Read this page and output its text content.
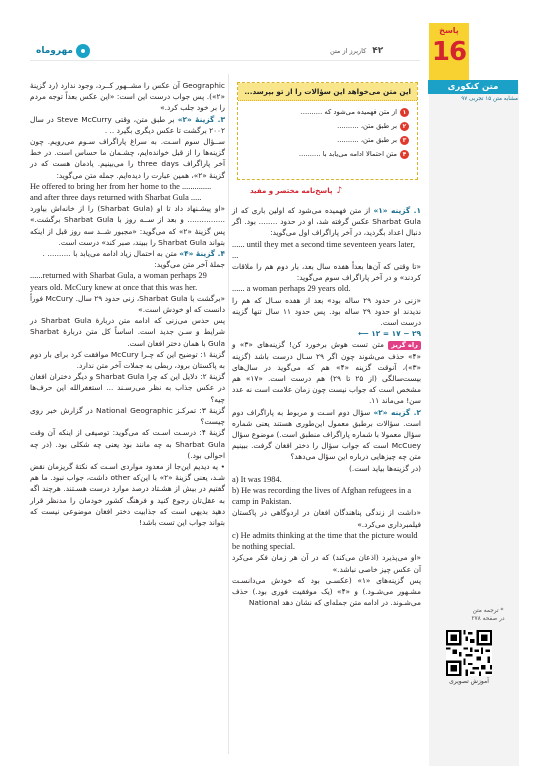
مهروماه	۴۲
کاربرز از متن
پاسخ
16
متن کنکوری
مشابه متن ۱۵ تجربی ۹۷
این متن می‌خواهد این سؤالات را از تو بپرسد...
۱
از متن فهمیده می‌شود که ..........
۲
بر طبق متن، ..........
۳
بر طبق متن، ..........
۴
متن احتمالا ادامه می‌یابد با ..........
♪
پاسخ‌نامه مختصر و مفید
۱. گزینه «۱» از متن فهمیده می‌شود که اولین باری که از Sharbat Gula عکس گرفته شد، او در حدود ........ بود. اگر دنبال اعداد بگردید، در آخر پاراگراف اول می‌گوید:
...... until they met a second time seventeen years later, ...
«تا وقتی که آن‌ها بعداً هفده سال بعد، بار دوم هم را ملاقات کردند» و در آخر پاراگراف سوم می‌گوید:
...... a woman perhaps 29 years old.
«زنی در حدود ۲۹ ساله بود» بعد از هفده سـال که هم را ندیدند او حدود ۲۹ ساله بود. پس حدود ۱۱ سال تنها گزینه درست است.
۲۹ − ۱۷ = ۱۲ ⟵
راه گریز متن تست هوش برخورد کن! گزینه‌های «۳» و «۴» حذف می‌شوند چون اگر ۲۹ سـال درست باشد (گزینه «۳»)، آنوقت گزینه «۴» هم که می‌گوید در سال‌های بیست‌سالگی (از ۲۵ تا ۲۹) هم درست است. «۱۷» هم مشخص است که جواب نیست چون زمان علامت است نه عدد سن! می‌ماند ۱۱.
۲. گزینه «۲» سؤال دوم اسـت و مربوط به پاراگراف دوم است. سؤالات برطبق معمول این‌طوری هستند یعنی شماره سؤال معمولا با شماره پاراگراف منطبق است.) موضوع سؤال McCuey است که جواب سؤال را دختر افغان گرفت. ببینیم متن چه چیزهایی درباره این سؤال می‌دهد؟
(در گزینه‌ها بیاید است.)
a) It was 1984.
b) He was recording the lives of Afghan refugees in a camp in Pakistan.
«داشت از زندگی پناهندگان افغان در اردوگاهی در پاکستان فیلمبرداری می‌کرد.»
c) He admits thinking at the time that the picture would be nothing special.
«او می‌پذیرد (اذعان می‌کند) که در آن هر زمان فکر می‌کرد آن عکس چیز خاصی نباشد.»
پس گزینه‌های «۱» (عکسـی بود که خودش می‌دانسـت مشـهور می‌شـود.) و «۴» (یک موفقیت فوری بود.) حذف می‌شـوند. در ادامه متن جمله‌ای که نشان دهد National
Geographic آن عکس را مشــهور کــرد، وجود ندارد (رد گزینهٔ «۲»). پس جواب درست این است: «این عکس بعداً توجه مردم را بر خود جلب کرد.»
۳. گزینهٔ «۲» بر طبق متن، وقتی Steve McCurry در سال ۲۰۰۲ برگشت تا عکس دیگری بگیرد .. .
ســؤال سوم اسـت. به سراغ پاراگراف سـوم می‌رویم. چون گزینه‌ها را از قبل خوانده‌ایم، چشـمان ما حساس است. در خط آخر پاراگراف three days را می‌بینیم. یادمان هست که در گزینهٔ «۲»، همین عبارت را دیده‌ایم. جمله متن می‌گوید:
He offered to bring her from her home to the .............. and after three days returned with Sharbat Gula .....
«او پیشـنهاد داد تا او (Sharbat Gula) را از خانه‌اش بیاورد ................ و بعد از ســه روز با Sharbat Gula برگشت.» پس گزینهٔ «۲» که می‌گوید: «مجبور شــد سه روز قبل از اینکه بتواند Sharbat Gula را ببیند، صبر کند» درست است.
۴. گزینهٔ «۴» متن به احتمال زیاد ادامه می‌یابد با .......... .
جملهٔ آخر متن می‌گوید:
......returned with Sharbat Gula, a woman perhaps 29 years old. McCury knew at once that this was her.
«برگشت با Sharbat Gula، زنی حدود ۲۹ سال. McCury فوراً دانست که او خودش است.»
پس حدس می‌زنی که ادامه متن دربارهٔ Sharbat Gula در شرایط و سـن جدید است. اساساً کل متن دربارهٔ Sharbat Gula با همان دختر افغان است.
گزینهٔ ۱: توضیح این که چـرا McCury موافقت کرد برای بار دوم به پاکستان برود، ربطی به جملات آخر متن ندارد.
گزینهٔ ۲: دلایل این که چرا Sharbat Gula و دیگر دختران افغان در عکس جذاب به نظر می‌رسـند ... استغفرالله این حرف‌ها چیه؟
گزینهٔ ۳: تمرکـز National Geographic در گزارش خبر روی چیست؟
گزینهٔ ۴: درسـت اسـت که می‌گوید: توصیفی از اینکه آن وقت Sharbat Gula به چه مانند بود یعنی چه شکلی بود. (در چه احوالی بود.)
• یه دیدیم این‌جا از معدود مواردی اسـت که نکتهٔ گریزمان نقض شـد، یعنی گزینهٔ «۲» با این‌که other داشت، جواب نبود. ما هم گفتیم در بیش از هشـتاد درصد موارد درست هسـتند. هرچند اگه به عقل‌تان رجوع کنید و فرهنگ کشور خودمان را مدنظر قرار دهید بدیهی است که جذابیت دختر افغان موضوعی نیست که بتواند جواب این تست باشد!
* ترجمه متن
در صفحه ۲۷۸
آموزش تصویری
